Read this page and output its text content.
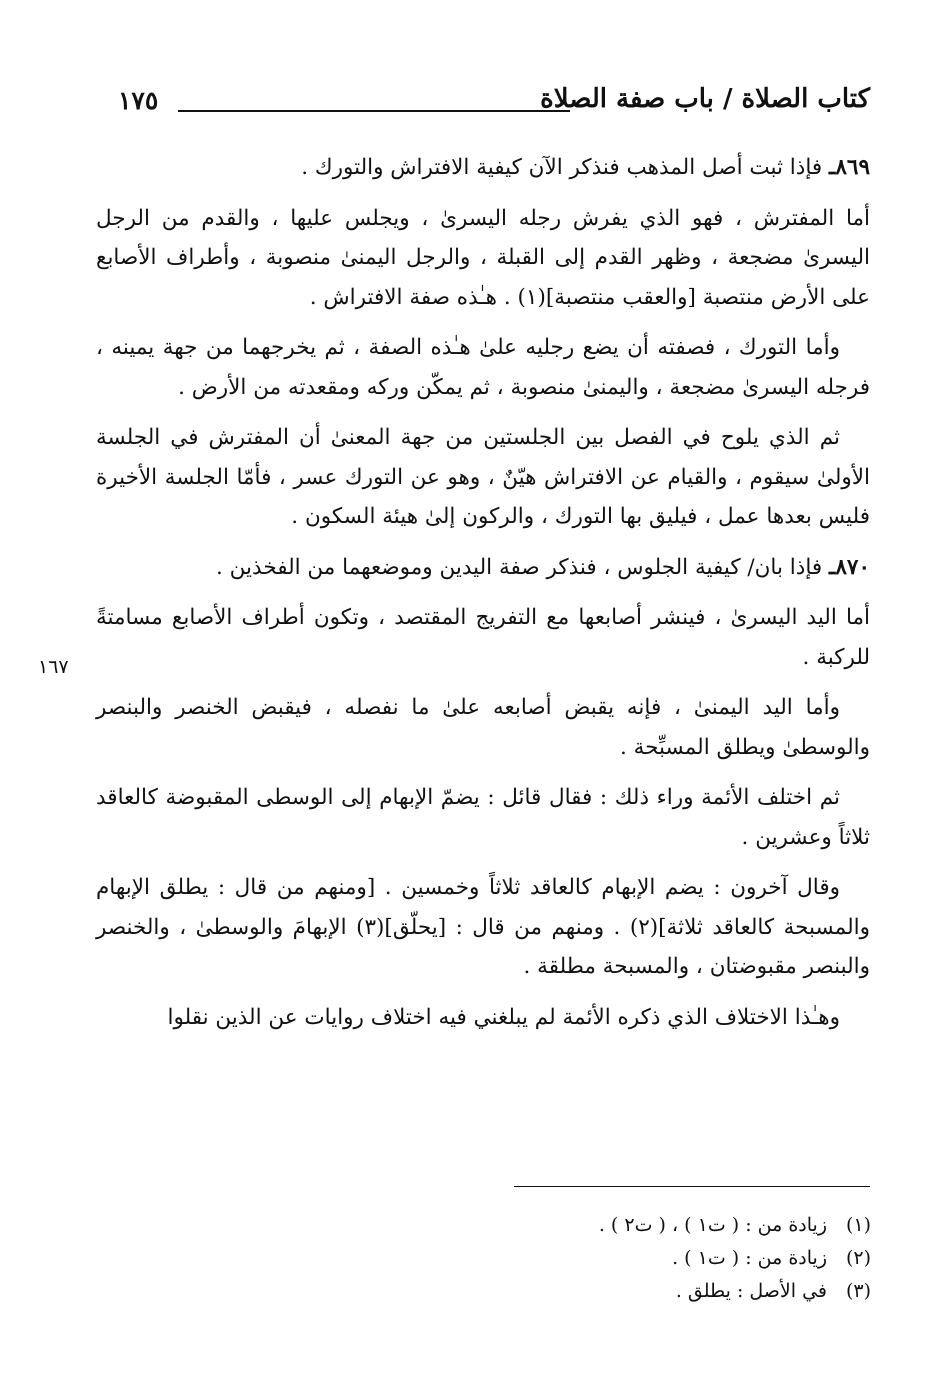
كتاب الصلاة / باب صفة الصلاة
١٧٥
١٦٧

٨٦٩ـ فإذا ثبت أصل المذهب فنذكر الآن كيفية الافتراش والتورك .

أما المفترش ، فهو الذي يفرش رجله اليسرىٰ ، ويجلس عليها ، والقدم من الرجل اليسرىٰ مضجعة ، وظهر القدم إلى القبلة ، والرجل اليمنىٰ منصوبة ، وأطراف الأصابع على الأرض منتصبة [والعقب منتصبة](١) . هـٰذه صفة الافتراش .

وأما التورك ، فصفته أن يضع رجليه علىٰ هـٰذه الصفة ، ثم يخرجهما من جهة يمينه ، فرجله اليسرىٰ مضجعة ، واليمنىٰ منصوبة ، ثم يمكّن وركه ومقعدته من الأرض .

ثم الذي يلوح في الفصل بين الجلستين من جهة المعنىٰ أن المفترش في الجلسة الأولىٰ سيقوم ، والقيام عن الافتراش هيّنٌ ، وهو عن التورك عسر ، فأمّا الجلسة الأخيرة فليس بعدها عمل ، فيليق بها التورك ، والركون إلىٰ هيئة السكون .

٨٧٠ـ فإذا بان/ كيفية الجلوس ، فنذكر صفة اليدين وموضعهما من الفخذين .

أما اليد اليسرىٰ ، فينشر أصابعها مع التفريج المقتصد ، وتكون أطراف الأصابع مسامتةً للركبة .

وأما اليد اليمنىٰ ، فإنه يقبض أصابعه علىٰ ما نفصله ، فيقبض الخنصر والبنصر والوسطىٰ ويطلق المسبِّحة .

ثم اختلف الأئمة وراء ذلك : فقال قائل : يضمّ الإبهام إلى الوسطى المقبوضة كالعاقد ثلاثاً وعشرين .

وقال آخرون : يضم الإبهام كالعاقد ثلاثاً وخمسين . [ومنهم من قال : يطلق الإبهام والمسبحة كالعاقد ثلاثة](٢) . ومنهم من قال : [يحلّق](٣) الإبهامَ والوسطىٰ ، والخنصر والبنصر مقبوضتان ، والمسبحة مطلقة .

وهـٰذا الاختلاف الذي ذكره الأئمة لم يبلغني فيه اختلاف روايات عن الذين نقلوا

(١)زيادة من : ( ت١ ) ، ( ت٢ ) .
(٢)زيادة من : ( ت١ ) .
(٣)في الأصل : يطلق .
